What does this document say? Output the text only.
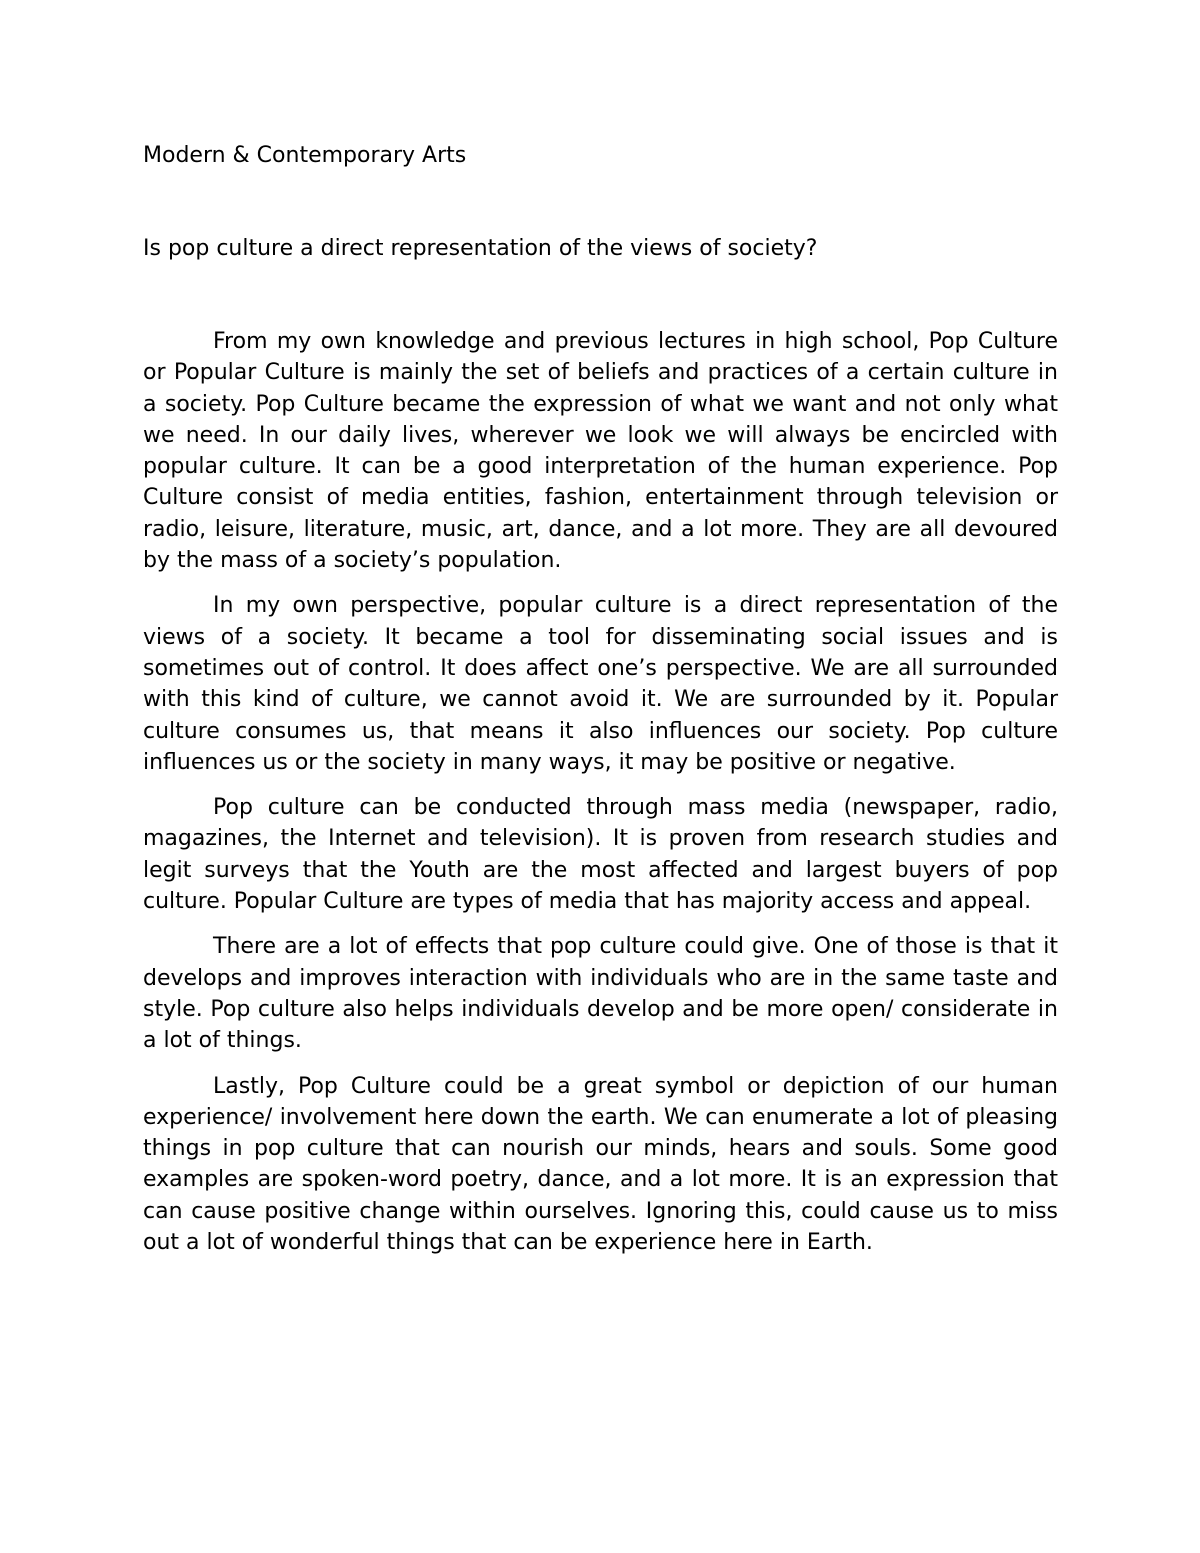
Modern & Contemporary Arts
Is pop culture a direct representation of the views of society?

From my own knowledge and previous lectures in high school, Pop Culture or Popular Culture is mainly the set of beliefs and practices of a certain culture in a society. Pop Culture became the expression of what we want and not only what we need. In our daily lives, wherever we look we will always be encircled with popular culture. It can be a good interpretation of the human experience. Pop Culture consist of media entities, fashion, entertainment through television or radio, leisure, literature, music, art, dance, and a lot more. They are all devoured by the mass of a society’s population.

In my own perspective, popular culture is a direct representation of the views of a society. It became a tool for disseminating social issues and is sometimes out of control. It does affect one’s perspective. We are all surrounded with this kind of culture, we cannot avoid it. We are surrounded by it. Popular culture consumes us, that means it also influences our society. Pop culture influences us or the society in many ways, it may be positive or negative.

Pop culture can be conducted through mass media (newspaper, radio, magazines, the Internet and television). It is proven from research studies and legit surveys that the Youth are the most affected and largest buyers of pop culture. Popular Culture are types of media that has majority access and appeal.

There are a lot of effects that pop culture could give. One of those is that it develops and improves interaction with individuals who are in the same taste and style. Pop culture also helps individuals develop and be more open/ considerate in a lot of things.

Lastly, Pop Culture could be a great symbol or depiction of our human experience/ involvement here down the earth. We can enumerate a lot of pleasing things in pop culture that can nourish our minds, hears and souls. Some good examples are spoken-word poetry, dance, and a lot more. It is an expression that can cause positive change within ourselves. Ignoring this, could cause us to miss out a lot of wonderful things that can be experience here in Earth.
